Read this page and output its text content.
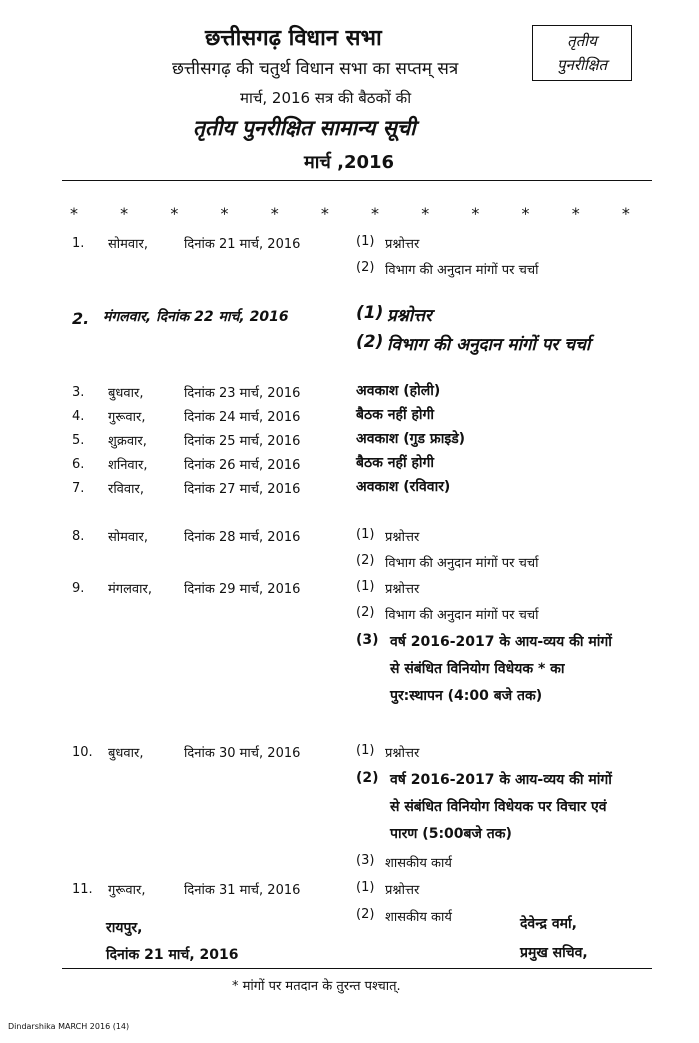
छत्तीसगढ़ विधान सभा
छत्तीसगढ़ की चतुर्थ विधान सभा का सप्तम् सत्र
मार्च, 2016 सत्र की बैठकों की
तृतीय पुनरीक्षित सामान्य सूची
मार्च ,2016
तृतीय
पुनरीक्षित
*	*	*	*	*	*	*	*	*	*	*	*
1. सोमवार,	दिनांक 21 मार्च, 2016	(1) प्रश्नोत्तर
(2) विभाग की अनुदान मांगों पर चर्चा
2. मंगलवार, दिनांक 22 मार्च, 2016	(1) प्रश्नोत्तर
(2) विभाग की अनुदान मांगों पर चर्चा
3. बुधवार,	दिनांक 23 मार्च, 2016	अवकाश (होली)
4. गुरूवार,	दिनांक 24 मार्च, 2016	बैठक नहीं होगी
5. शुक्रवार,	दिनांक 25 मार्च, 2016	अवकाश (गुड फ्राइडे)
6. शनिवार,	दिनांक 26 मार्च, 2016	बैठक नहीं होगी
7. रविवार,	दिनांक 27 मार्च, 2016	अवकाश (रविवार)
8. सोमवार,	दिनांक 28 मार्च, 2016	(1) प्रश्नोत्तर
(2) विभाग की अनुदान मांगों पर चर्चा
9. मंगलवार, दिनांक 29 मार्च, 2016	(1) प्रश्नोत्तर
(2) विभाग की अनुदान मांगों पर चर्चा
(3) वर्ष 2016-2017 के आय-व्यय की मांगों
से संबंधित विनियोग विधेयक * का
पुर:स्थापन (4:00 बजे तक)
10. बुधवार,	दिनांक 30 मार्च, 2016	(1) प्रश्नोत्तर
(2) वर्ष 2016-2017 के आय-व्यय की मांगों
से संबंधित विनियोग विधेयक पर विचार एवं
पारण (5:00बजे तक)
(3) शासकीय कार्य
11. गुरूवार,	दिनांक 31 मार्च, 2016	(1) प्रश्नोत्तर
(2) शासकीय कार्य
रायपुर,
दिनांक 21 मार्च, 2016
देवेन्द्र वर्मा,
प्रमुख सचिव,
* मांगों पर मतदान के तुरन्त पश्चात्.
Dindarshika MARCH 2016 (14)
